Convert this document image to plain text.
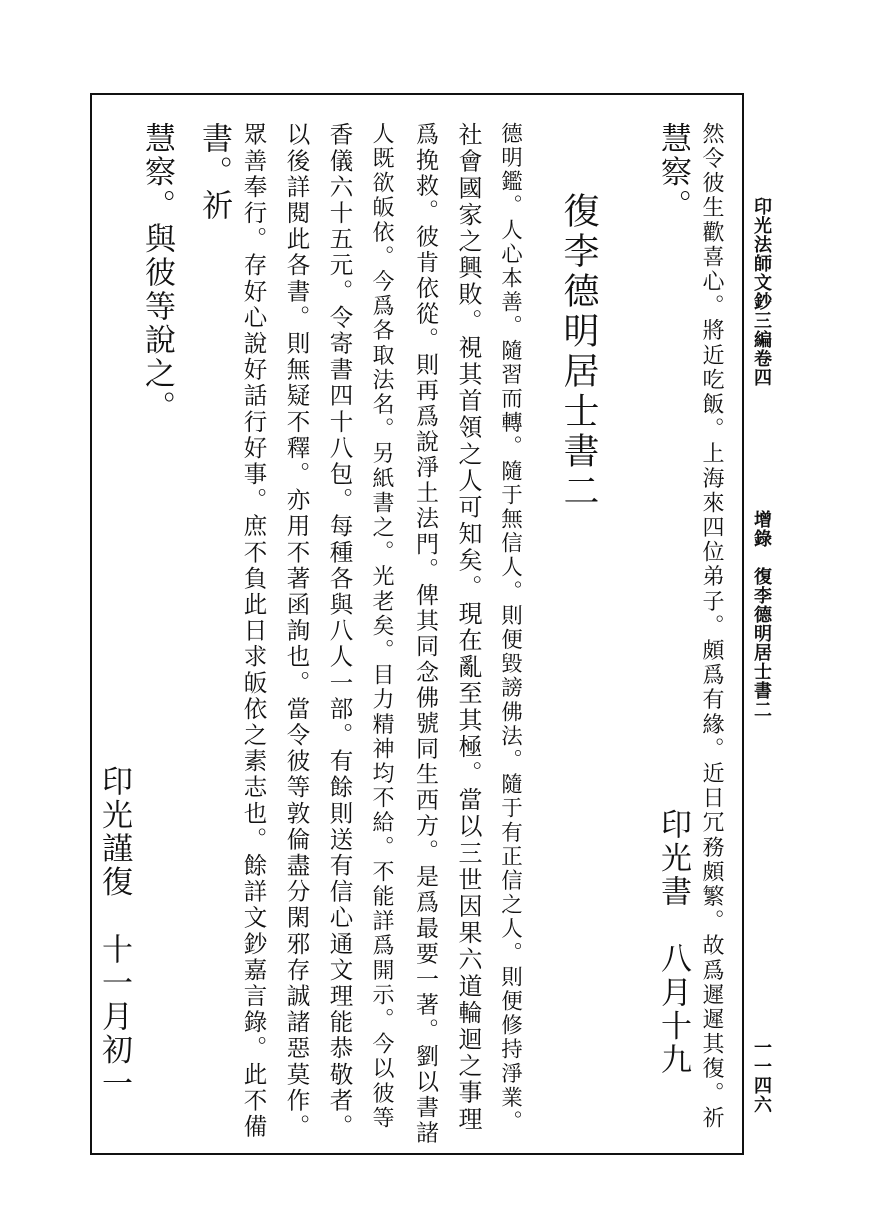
印光法師文鈔三編卷四
增錄　復李德明居士書二
一一四六
然令彼生歡喜心。將近吃飯。上海來四位弟子。頗爲有緣。近日冗務頗繁。故爲遲遲其復。祈
慧察。
印光書　八月十九
復李德明居士書二
德明鑑。人心本善。隨習而轉。隨于無信人。則便毀謗佛法。隨于有正信之人。則便修持淨業。
社會國家之興敗。視其首領之人可知矣。現在亂至其極。當以三世因果六道輪迴之事理
爲挽救。彼肯依從。則再爲說淨土法門。俾其同念佛號同生西方。是爲最要一著。劉以書諸
人既欲皈依。今爲各取法名。另紙書之。光老矣。目力精神均不給。不能詳爲開示。今以彼等
香儀六十五元。令寄書四十八包。每種各與八人一部。有餘則送有信心通文理能恭敬者。
以後詳閱此各書。則無疑不釋。亦用不著函詢也。當令彼等敦倫盡分閑邪存誠諸惡莫作。
眾善奉行。存好心說好話行好事。庶不負此日求皈依之素志也。餘詳文鈔嘉言錄。此不備
書。祈
慧察。與彼等說之。
印光謹復　十一月初一
